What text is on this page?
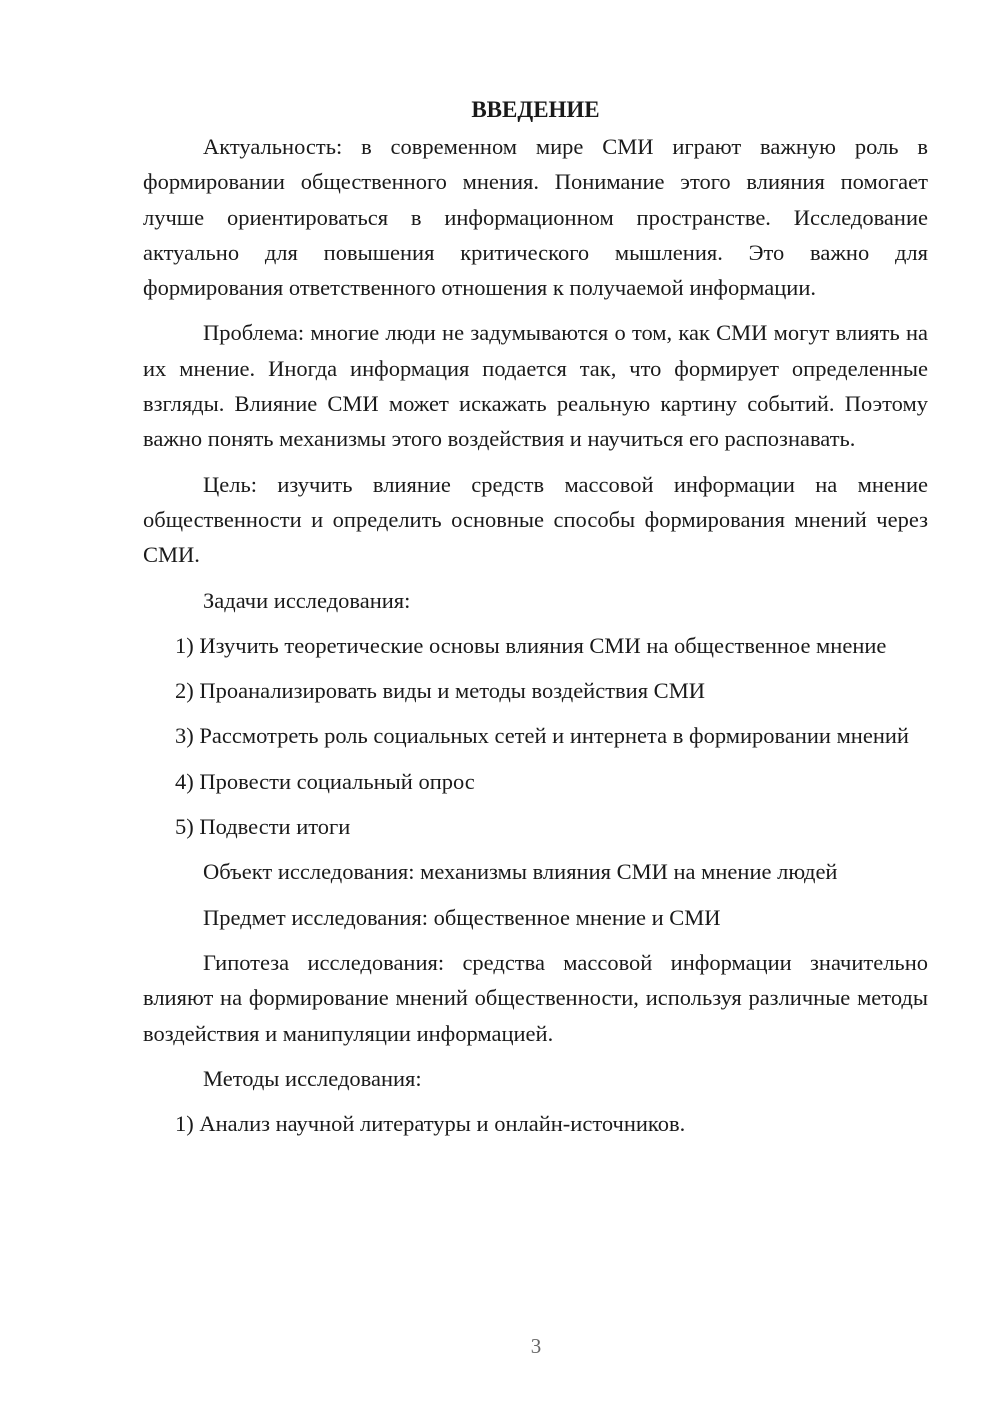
ВВЕДЕНИЕ

Актуальность: в современном мире СМИ играют важную роль в формировании общественного мнения. Понимание этого влияния помогает лучше ориентироваться в информационном пространстве. Исследование актуально для повышения критического мышления. Это важно для формирования ответственного отношения к получаемой информации.

Проблема: многие люди не задумываются о том, как СМИ могут влиять на их мнение. Иногда информация подается так, что формирует определенные взгляды. Влияние СМИ может искажать реальную картину событий. Поэтому важно понять механизмы этого воздействия и научиться его распознавать.

Цель: изучить влияние средств массовой информации на мнение общественности и определить основные способы формирования мнений через СМИ.

Задачи исследования:

1) Изучить теоретические основы влияния СМИ на общественное мнение

2) Проанализировать виды и методы воздействия СМИ

3) Рассмотреть роль социальных сетей и интернета в формировании мнений

4) Провести социальный опрос

5) Подвести итоги

Объект исследования: механизмы влияния СМИ на мнение людей

Предмет исследования: общественное мнение и СМИ

Гипотеза исследования: средства массовой информации значительно влияют на формирование мнений общественности, используя различные методы воздействия и манипуляции информацией.

Методы исследования:

1) Анализ научной литературы и онлайн-источников.

3
